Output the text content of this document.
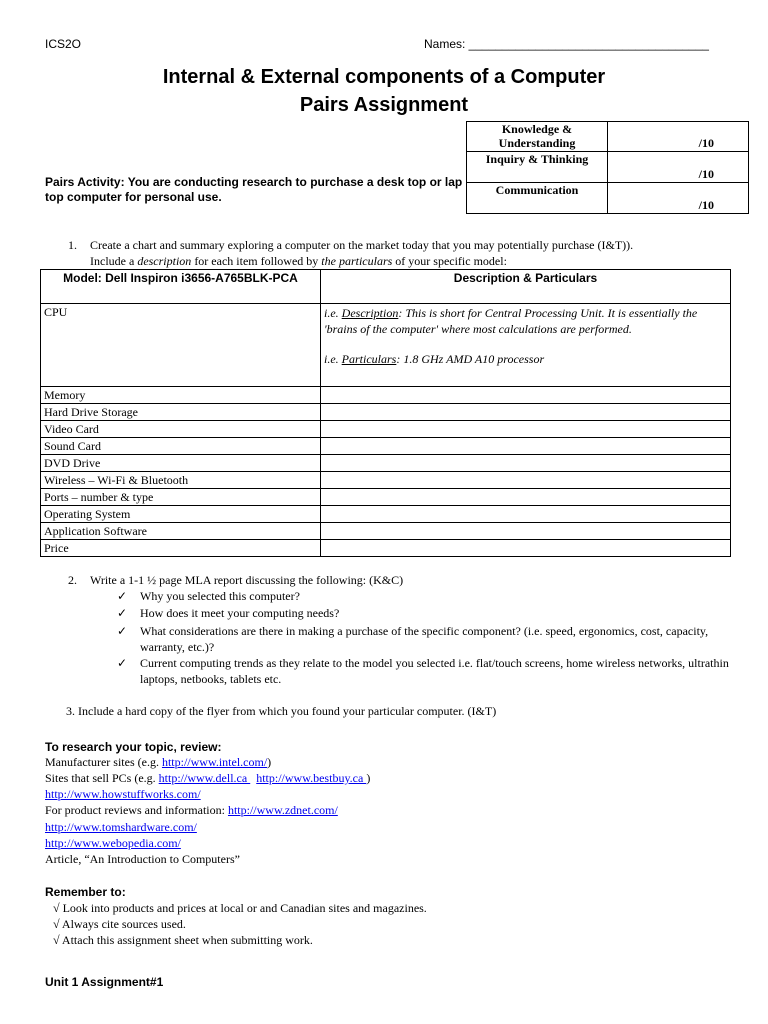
ICS2O	Names: ____________________________________
Internal & External components of a Computer
Pairs Assignment
Knowledge & Understanding	/10
Inquiry & Thinking	/10
Communication	/10
Pairs Activity: You are conducting research to purchase a desk top or lap top computer for personal use.
1. Create a chart and summary exploring a computer on the market today that you may potentially purchase (I&T)).
Include a description for each item followed by the particulars of your specific model:
Model: Dell Inspiron i3656-A765BLK-PCA	Description & Particulars
CPU	i.e. Description: This is short for Central Processing Unit. It is essentially the 'brains of the computer' where most calculations are performed.
i.e. Particulars: 1.8 GHz AMD A10 processor

Memory	
Hard Drive Storage	
Video Card	
Sound Card	
DVD Drive	
Wireless – Wi-Fi & Bluetooth	
Ports – number & type	
Operating System	
Application Software	
Price	
2. Write a 1-1 ½ page MLA report discussing the following: (K&C)
✓ Why you selected this computer?
✓ How does it meet your computing needs?
✓ What considerations are there in making a purchase of the specific component? (i.e. speed, ergonomics, cost, capacity, warranty, etc.)?
✓ Current computing trends as they relate to the model you selected i.e. flat/touch screens, home wireless networks, ultrathin laptops, netbooks, tablets etc.
3. Include a hard copy of the flyer from which you found your particular computer. (I&T)
To research your topic, review:
Manufacturer sites (e.g. http://www.intel.com/)
Sites that sell PCs (e.g. http://www.dell.ca   http://www.bestbuy.ca )
http://www.howstuffworks.com/
For product reviews and information: http://www.zdnet.com/
http://www.tomshardware.com/
http://www.webopedia.com/
Article, “An Introduction to Computers”
Remember to:
√ Look into products and prices at local or and Canadian sites and magazines.
√ Always cite sources used.
√ Attach this assignment sheet when submitting work.
Unit 1 Assignment#1
